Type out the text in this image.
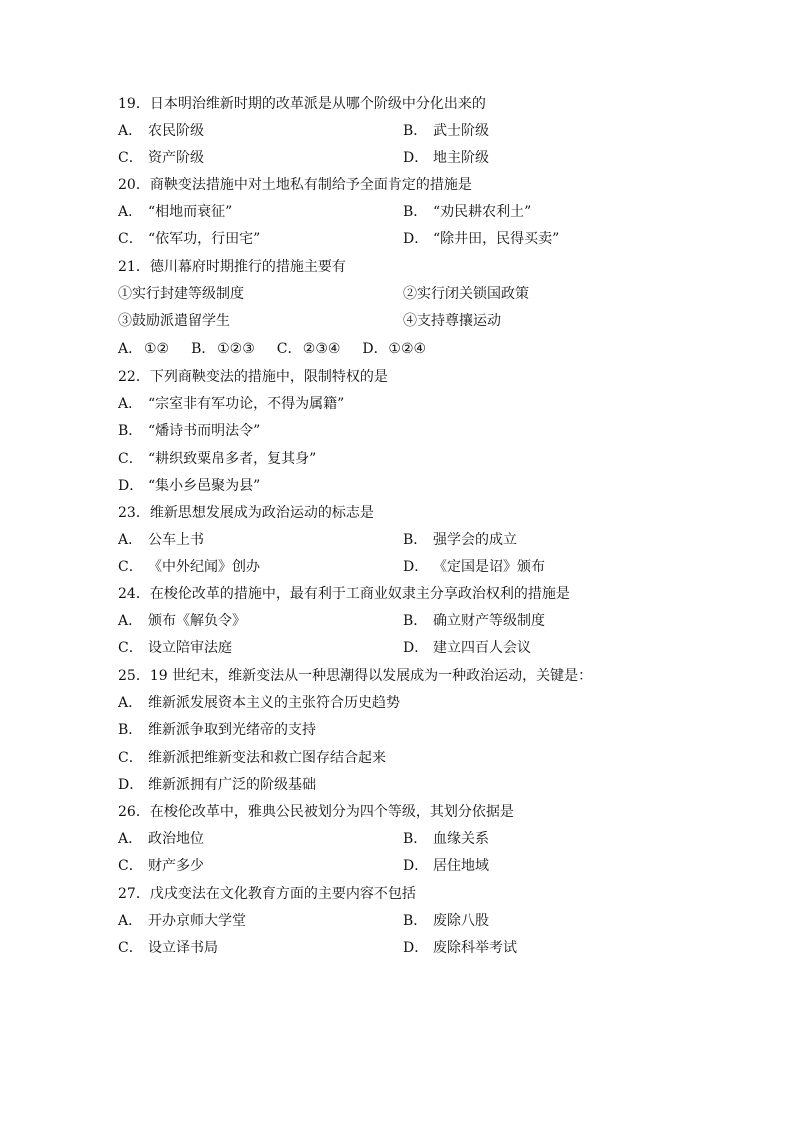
19．日本明治维新时期的改革派是从哪个阶级中分化出来的
A． 农民阶级	B． 武士阶级
C． 资产阶级	D． 地主阶级
20．商鞅变法措施中对土地私有制给予全面肯定的措施是
A． “相地而衰征”	B． “劝民耕农利土”
C． “依军功，行田宅”	D． “除井田，民得买卖”
21．德川幕府时期推行的措施主要有
①实行封建等级制度	②实行闭关锁国政策
③鼓励派遣留学生	④支持尊攘运动
A． ①② B． ①②③ C．②③④ D．①②④
22．下列商鞅变法的措施中，限制特权的是
A． “宗室非有军功论，不得为属籍”
B． “燔诗书而明法令”
C． “耕织致粟帛多者，复其身”
D． “集小乡邑聚为县”
23．维新思想发展成为政治运动的标志是
A． 公车上书	B． 强学会的成立
C． 《中外纪闻》创办	D． 《定国是诏》颁布
24．在梭伦改革的措施中，最有利于工商业奴隶主分享政治权利的措施是
A． 颁布《解负令》	B． 确立财产等级制度
C． 设立陪审法庭	D． 建立四百人会议
25．19 世纪末，维新变法从一种思潮得以发展成为一种政治运动，关键是：
A． 维新派发展资本主义的主张符合历史趋势
B． 维新派争取到光绪帝的支持
C． 维新派把维新变法和救亡图存结合起来
D． 维新派拥有广泛的阶级基础
26．在梭伦改革中，雅典公民被划分为四个等级，其划分依据是
A． 政治地位	B． 血缘关系
C． 财产多少	D． 居住地域
27．戊戌变法在文化教育方面的主要内容不包括
A． 开办京师大学堂	B． 废除八股
C． 设立译书局	D． 废除科举考试
